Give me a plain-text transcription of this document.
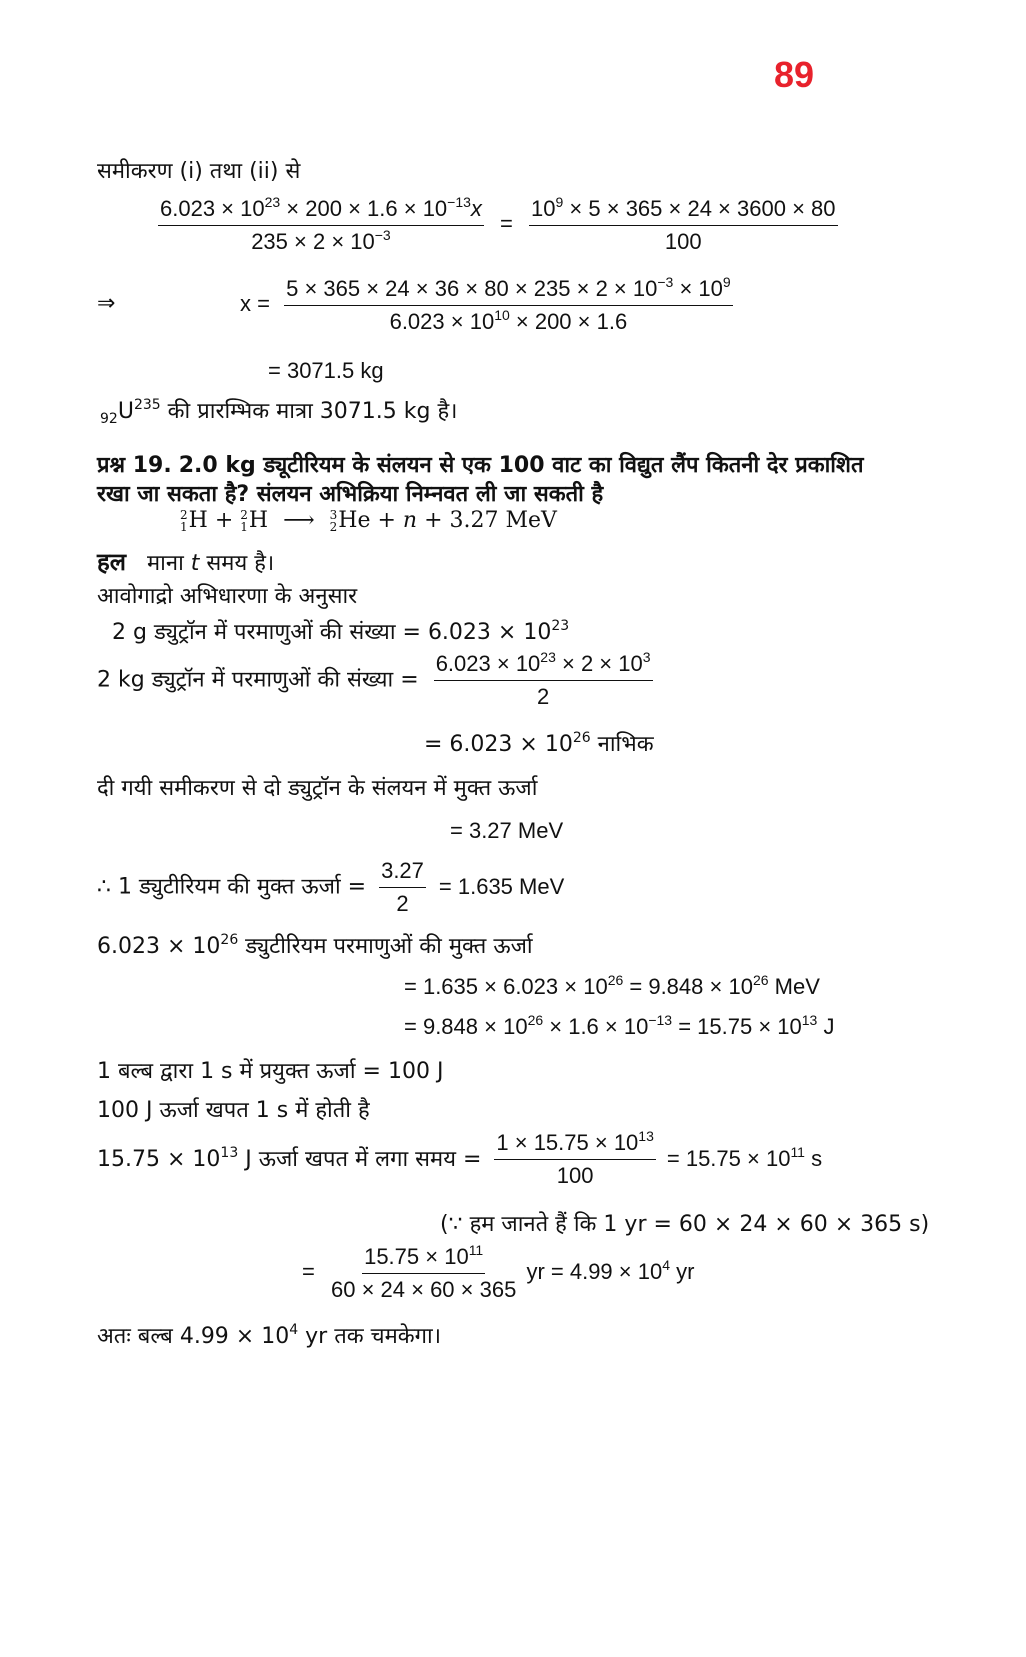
89
समीकरण (i) तथा (ii) से
$\frac{6.023 \times 10^{23} \times 200 \times 1.6 \times 10^{-13}x}{235 \times 2 \times 10^{-3}} = \frac{10^9 \times 5 \times 365 \times 24 \times 3600 \times 80}{100}$
⇒	$x = \frac{5 \times 365 \times 24 \times 36 \times 80 \times 235 \times 2 \times 10^{-3} \times 10^9}{6.023 \times 10^{10} \times 200 \times 1.6}$
= 3071.5 kg
$_{92}U^{235}$ की प्रारम्भिक मात्रा 3071.5 kg है।
प्रश्न 19. 2.0 kg ड्यूटीरियम के संलयन से एक 100 वाट का विद्युत लैंप कितनी देर प्रकाशित
रखा जा सकता है? संलयन अभिक्रिया निम्नवत ली जा सकती है
2
1 H + 2
1 H ⟶ 3
2 He + n + 3.27 MeV
हल माना t समय है।
आवोगाद्रो अभिधारणा के अनुसार
2 g ड्युट्रॉन में परमाणुओं की संख्या = $6.023 \times 10^{23}$
2 kg ड्युट्रॉन में परमाणुओं की संख्या = $\frac{6.023 \times 10^{23} \times 2 \times 10^3}{2}$
= $6.023 \times 10^{26}$ नाभिक
दी गयी समीकरण से दो ड्युट्रॉन के संलयन में मुक्त ऊर्जा
= 3.27 MeV
∴ 1 ड्युटीरियम की मुक्त ऊर्जा = $\frac{3.27}{2} = 1.635$ MeV
$6.023 \times 10^{26}$ ड्युटीरियम परमाणुओं की मुक्त ऊर्जा
= $1.635 \times 6.023 \times 10^{26} = 9.848 \times 10^{26}$ MeV
= $9.848 \times 10^{26} \times 1.6 \times 10^{-13} = 15.75 \times 10^{13}$ J
1 बल्ब द्वारा 1 s में प्रयुक्त ऊर्जा = 100 J
100 J ऊर्जा खपत 1 s में होती है
$15.75 \times 10^{13}$ J ऊर्जा खपत में लगा समय = $\frac{1 \times 15.75 \times 10^{13}}{100} = 15.75 \times 10^{11}$ s
(∵ हम जानते हैं कि 1 yr = 60 × 24 × 60 × 365 s)
= $\frac{15.75 \times 10^{11}}{60 \times 24 \times 60 \times 365}$ yr = $4.99 \times 10^4$ yr
अतः बल्ब $4.99 \times 10^4$ yr तक चमकेगा।
